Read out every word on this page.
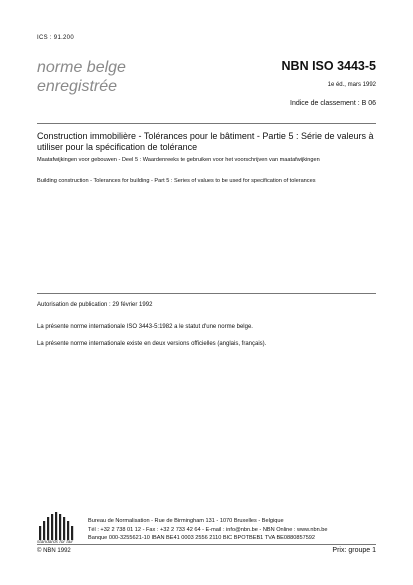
ICS : 91.200
norme belge
enregistrée
NBN ISO 3443-5
1e éd., mars 1992
Indice de classement : B 06
Construction immobilière - Tolérances pour le bâtiment - Partie 5 : Série de valeurs à utiliser pour la spécification de tolérance
Maatafwijkingen voor gebouwen - Deel 5 : Waardenreeks te gebruiken voor het voorschrijven van maatafwijkingen
Building construction - Tolerances for building - Part 5 : Series of values to be used for specification of tolerances
Autorisation de publication : 29 février 1992
La présente norme internationale ISO 3443-5:1982 a le statut d'une norme belge.
La présente norme internationale existe en deux versions officielles (anglais, français).
standards for fair
Bureau de Normalisation - Rue de Birmingham 131 - 1070 Bruxelles - Belgique
Tél : +32 2 738 01 12 - Fax : +32 2 733 42 64 - E-mail : info@nbn.be - NBN Online : www.nbn.be
Banque 000-3255621-10 IBAN BE41 0003 2556 2110 BIC BPOTBEB1 TVA BE0880857592
© NBN 1992	Prix: groupe 1
